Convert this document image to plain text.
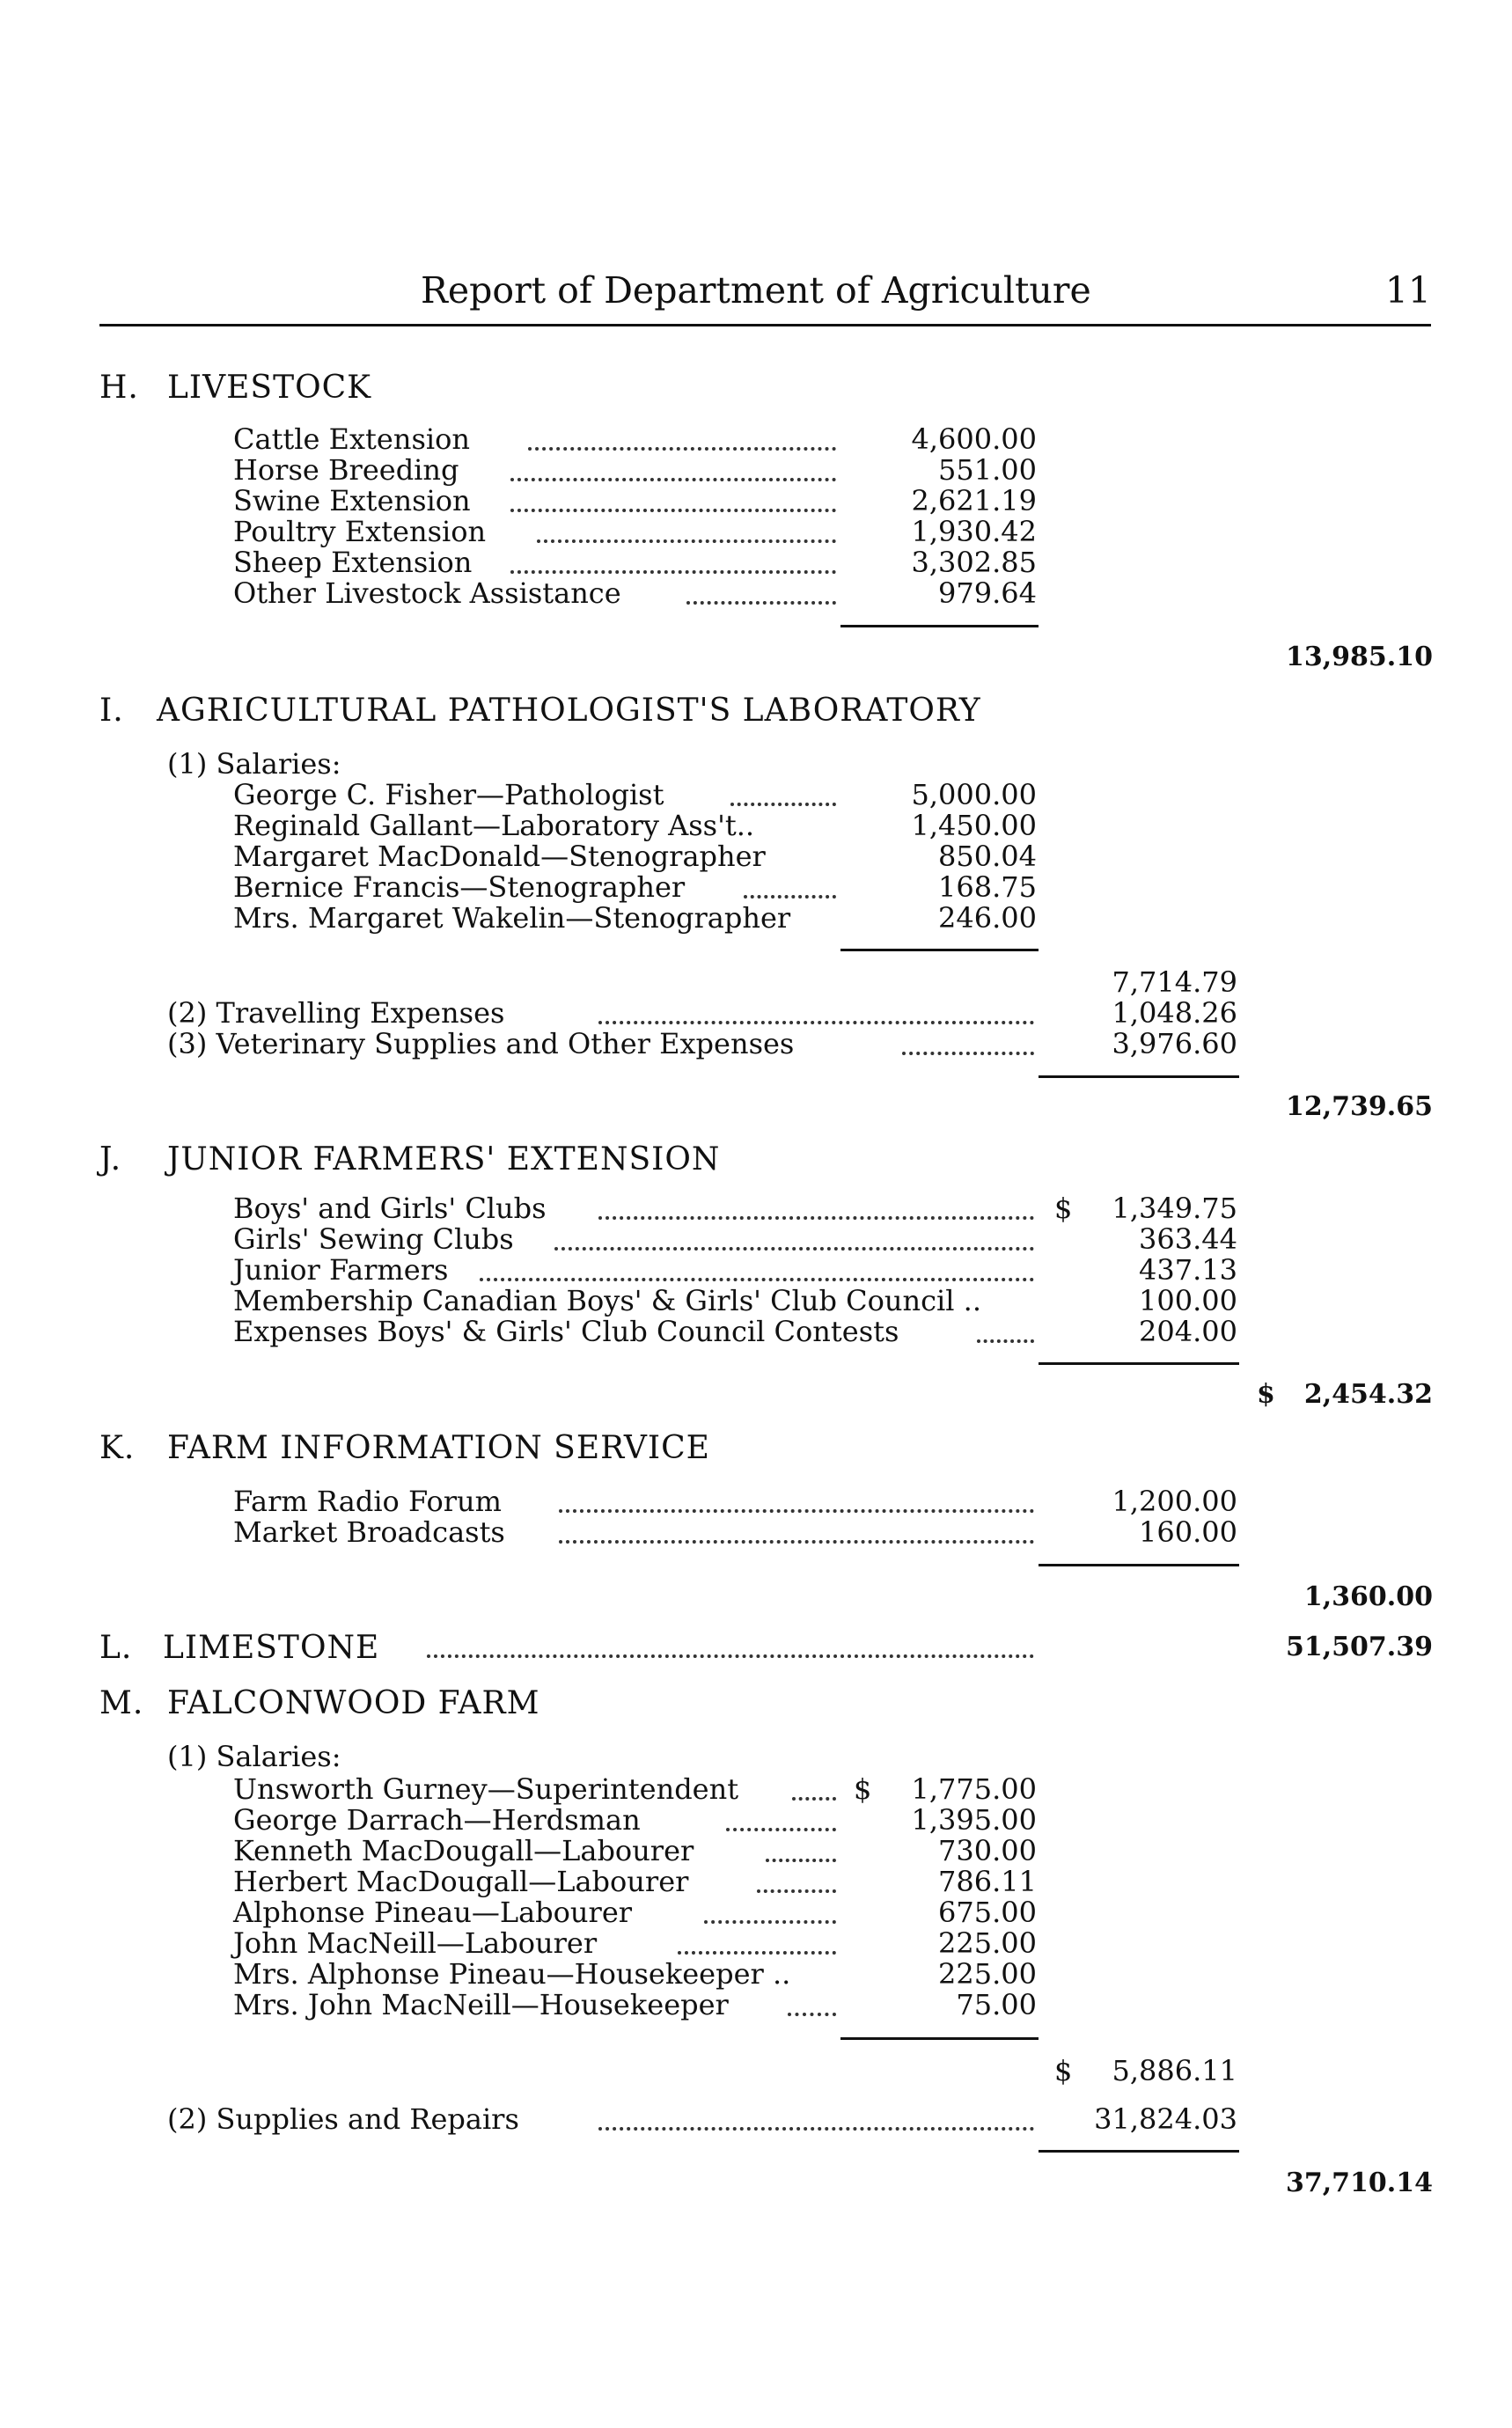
Report of Department of Agriculture	11
H. LIVESTOCK
Cattle Extension	4,600.00
Horse Breeding	551.00
Swine Extension	2,621.19
Poultry Extension	1,930.42
Sheep Extension	3,302.85
Other Livestock Assistance	979.64
13,985.10
I. AGRICULTURAL PATHOLOGIST'S LABORATORY
(1) Salaries:
George C. Fisher—Pathologist	5,000.00
Reginald Gallant—Laboratory Ass't..	1,450.00
Margaret MacDonald—Stenographer	850.04
Bernice Francis—Stenographer	168.75
Mrs. Margaret Wakelin—Stenographer	246.00
7,714.79
(2) Travelling Expenses	1,048.26
(3) Veterinary Supplies and Other Expenses	3,976.60
12,739.65
J. JUNIOR FARMERS' EXTENSION
Boys' and Girls' Clubs	$ 1,349.75
Girls' Sewing Clubs	363.44
Junior Farmers	437.13
Membership Canadian Boys' & Girls' Club Council ..	100.00
Expenses Boys' & Girls' Club Council Contests	204.00
$ 2,454.32
K. FARM INFORMATION SERVICE
Farm Radio Forum	1,200.00
Market Broadcasts	160.00
1,360.00
L. LIMESTONE	51,507.39
M. FALCONWOOD FARM
(1) Salaries:
Unsworth Gurney—Superintendent	$ 1,775.00
George Darrach—Herdsman	1,395.00
Kenneth MacDougall—Labourer	730.00
Herbert MacDougall—Labourer	786.11
Alphonse Pineau—Labourer	675.00
John MacNeill—Labourer	225.00
Mrs. Alphonse Pineau—Housekeeper ..	225.00
Mrs. John MacNeill—Housekeeper	75.00
$ 5,886.11
(2) Supplies and Repairs	31,824.03
37,710.14
